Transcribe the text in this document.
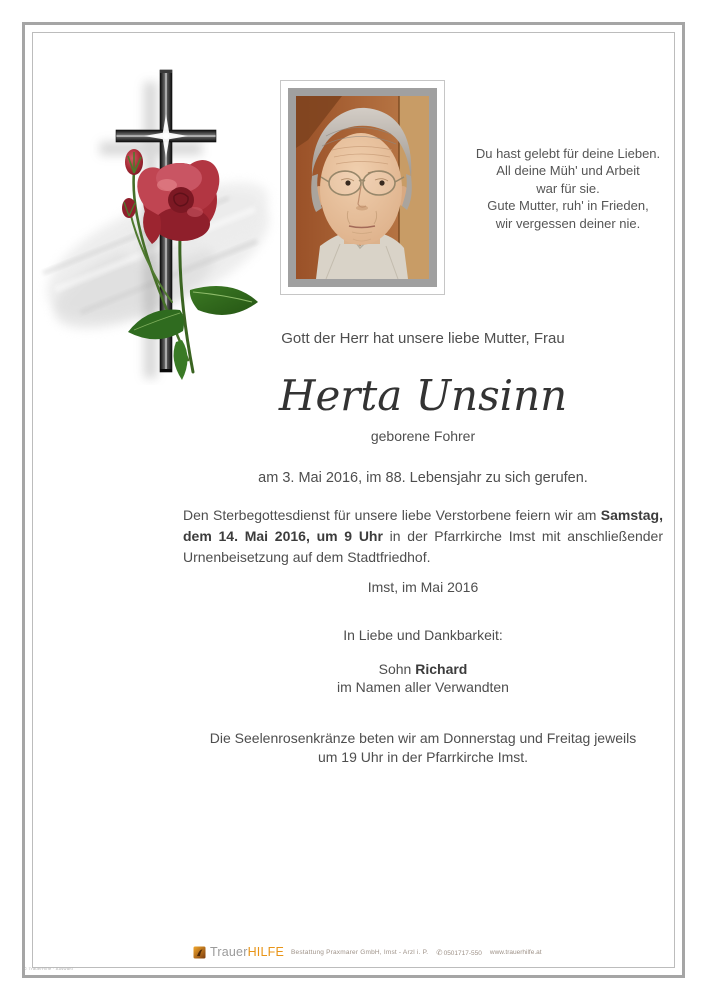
Du hast gelebt für deine Lieben.
All deine Müh' und Arbeit
war für sie.
Gute Mutter, ruh' in Frieden,
wir vergessen deiner nie.
Gott der Herr hat unsere liebe Mutter, Frau
Herta Unsinn
geborene Fohrer
am 3. Mai 2016, im 88. Lebensjahr zu sich gerufen.
Den Sterbegottesdienst für unsere liebe Verstorbene feiern wir am Samstag, dem 14. Mai 2016, um 9 Uhr in der Pfarrkirche Imst mit anschließender Urnenbeisetzung auf dem Stadtfriedhof.
Imst, im Mai 2016
In Liebe und Dankbarkeit:
Sohn Richard
im Namen aller Verwandten
Die Seelenrosenkränze beten wir am Donnerstag und Freitag jeweils
um 19 Uhr in der Pfarrkirche Imst.
TrauerHILFE Bestattung Praxmarer GmbH, Imst - Arzl i. P. ✆0501717-550 www.trauerhilfe.at
© TrauerHilfe · Auswahl
